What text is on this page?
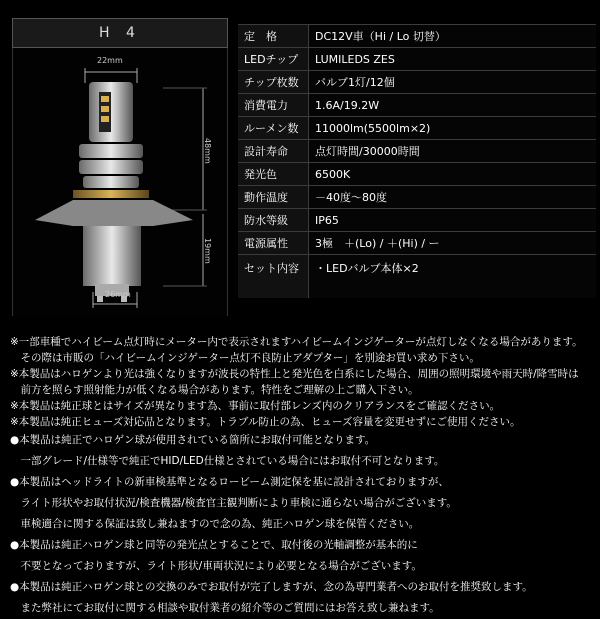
H 4
22mm
48mm
19mm
26mm
定　格	DC12V車（Hi / Lo 切替）
LEDチップ	LUMILEDS ZES
チップ枚数	バルブ1灯/12個
消費電力	1.6A/19.2W
ルーメン数	11000lm(5500lm×2)
設計寿命	点灯時間/30000時間
発光色	6500K
動作温度	－40度～80度
防水等級	IP65
電源属性	3極　＋(Lo) / ＋(Hi) / ー
セット内容	・LEDバルブ本体×2
※一部車種でハイビーム点灯時にメーター内で表示されますハイビームインジゲーターが点灯しなくなる場合があります。
　その際は市販の「ハイビームインジゲーター点灯不良防止アダプター」を別途お買い求め下さい。
※本製品はハロゲンより光は強くなりますが波長の特性上と発光色を白系にした場合、周囲の照明環境や雨天時/降雪時は
　前方を照らす照射能力が低くなる場合があります。特性をご理解の上ご購入下さい。
※本製品は純正球とはサイズが異なります為、事前に取付部レンズ内のクリアランスをご確認ください。
※本製品は純正ヒューズ対応品となります。トラブル防止の為、ヒューズ容量を変更せずにご使用ください。
●本製品は純正でハロゲン球が使用されている箇所にお取付可能となります。
　一部グレード/仕様等で純正でHID/LED仕様とされている場合にはお取付不可となります。
●本製品はヘッドライトの新車検基準となるロービーム測定保を基に設計されておりますが、
　ライト形状やお取付状況/検査機器/検査官主観判断により車検に通らない場合がございます。
　車検適合に関する保証は致し兼ねますので念の為、純正ハロゲン球を保管ください。
●本製品は純正ハロゲン球と同等の発光点とすることで、取付後の光軸調整が基本的に
　不要となっておりますが、ライト形状/車両状況により必要となる場合がございます。
●本製品は純正ハロゲン球との交換のみでお取付が完了しますが、念の為専門業者へのお取付を推奨致します。
　また弊社にてお取付に関する相談や取付業者の紹介等のご質問にはお答え致し兼ねます。
